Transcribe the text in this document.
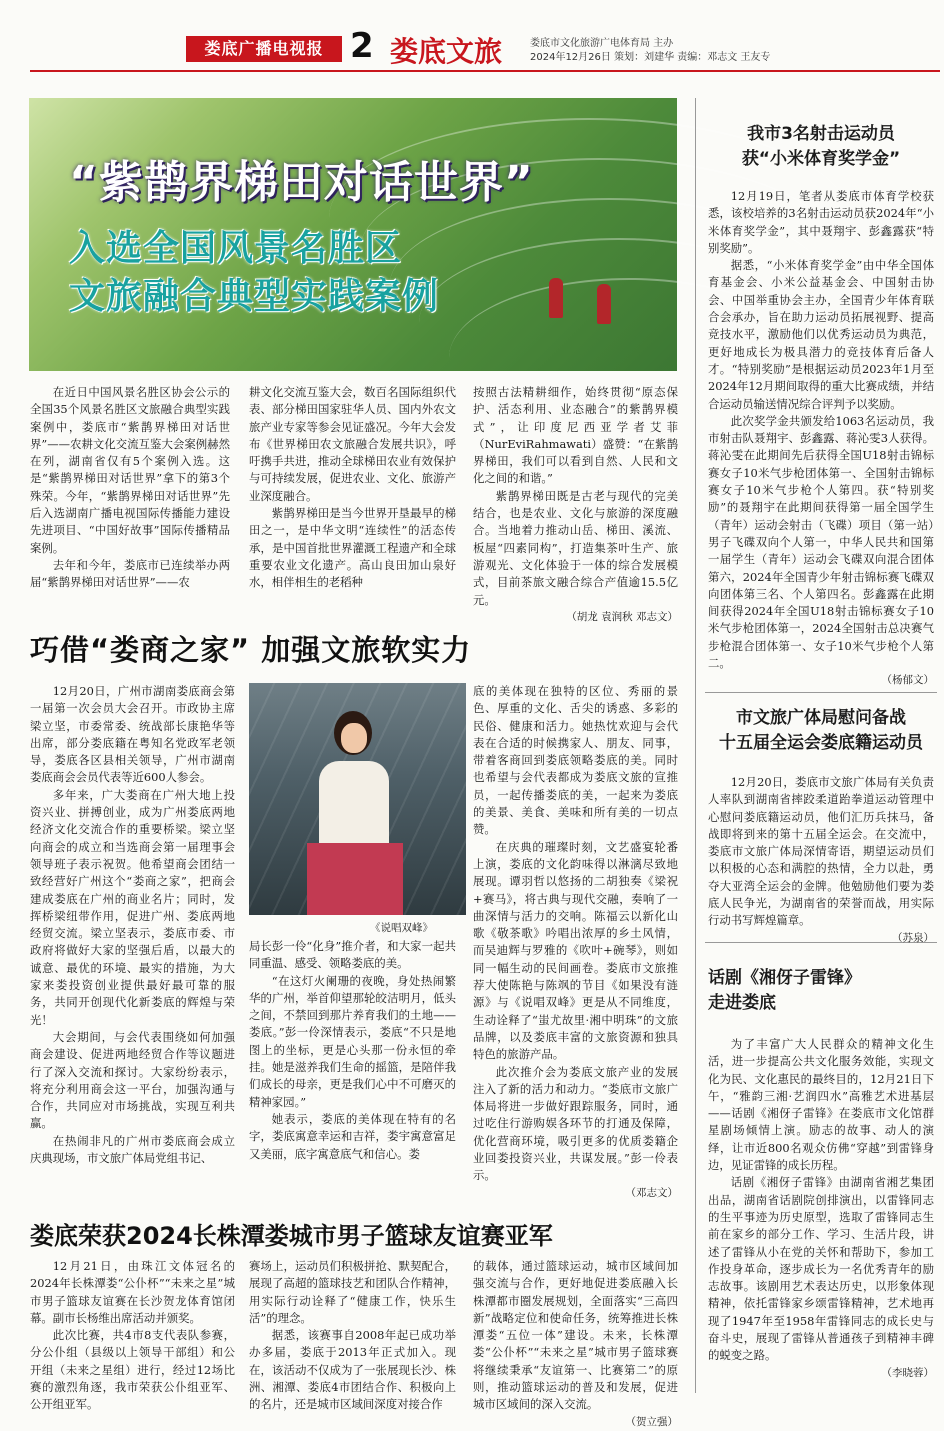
娄底广播电视报 2 娄底文旅	娄底市文化旅游广电体育局 主办
2024年12月26日 策划：刘建华 责编：邓志文 王友专
“紫鹊界梯田对话世界”
入选全国风景名胜区
文旅融合典型实践案例

在近日中国风景名胜区协会公示的全国35个风景名胜区文旅融合典型实践案例中，娄底市“紫鹊界梯田对话世界”——农耕文化交流互鉴大会案例赫然在列，湖南省仅有5个案例入选。这是“紫鹊界梯田对话世界”拿下的第3个殊荣。今年，“紫鹊界梯田对话世界”先后入选湖南广播电视国际传播能力建设先进项目、“中国好故事”国际传播精品案例。

去年和今年，娄底市已连续举办两届“紫鹊界梯田对话世界”——农

耕文化交流互鉴大会，数百名国际组织代表、部分梯田国家驻华人员、国内外农文旅产业专家等参会见证盛况。今年大会发布《世界梯田农文旅融合发展共识》，呼吁携手共进，推动全球梯田农业有效保护与可持续发展，促进农业、文化、旅游产业深度融合。

紫鹊界梯田是当今世界开垦最早的梯田之一，是中华文明“连续性”的活态传承，是中国首批世界灌溉工程遗产和全球重要农业文化遗产。高山良田加山泉好水，相伴相生的老稻种

按照古法精耕细作，始终贯彻“原态保护、活态利用、业态融合”的紫鹊界模式”，让印度尼西亚学者艾菲（NurEviRahmawati）盛赞：“在紫鹊界梯田，我们可以看到自然、人民和文化之间的和谐。”

紫鹊界梯田既是古老与现代的完美结合，也是农业、文化与旅游的深度融合。当地着力推动山岳、梯田、溪流、板屋“四素同构”，打造集茶叶生产、旅游观光、文化体验于一体的综合发展模式，目前茶旅文融合综合产值逾15.5亿元。

（胡龙 袁润秋 邓志文）
巧借“娄商之家” 加强文旅软实力

12月20日，广州市湖南娄底商会第一届第一次会员大会召开。市政协主席梁立坚，市委常委、统战部长康艳华等出席，部分娄底籍在粤知名党政军老领导，娄底各区县相关领导，广州市湖南娄底商会会员代表等近600人参会。

多年来，广大娄商在广州大地上投资兴业、拼搏创业，成为广州娄底两地经济文化交流合作的重要桥梁。梁立坚向商会的成立和当选商会第一届理事会领导班子表示祝贺。他希望商会团结一致经营好广州这个“娄商之家”，把商会建成娄底在广州的商业名片；同时，发挥桥梁纽带作用，促进广州、娄底两地经贸交流。梁立坚表示，娄底市委、市政府将做好大家的坚强后盾，以最大的诚意、最优的环境、最实的措施，为大家来娄投资创业提供最好最可靠的服务，共同开创现代化新娄底的辉煌与荣光！

大会期间，与会代表围绕如何加强商会建设、促进两地经贸合作等议题进行了深入交流和探讨。大家纷纷表示，将充分利用商会这一平台，加强沟通与合作，共同应对市场挑战，实现互利共赢。

在热闹非凡的广州市娄底商会成立庆典现场，市文旅广体局党组书记、

《说唱双峰》

局长彭一伶“化身”推介者，和大家一起共同重温、感受、领略娄底的美。

“在这灯火阑珊的夜晚，身处热闹繁华的广州，举首仰望那轮皎洁明月，低头之间，不禁回到那片养育我们的土地——娄底。”彭一伶深情表示，娄底“不只是地图上的坐标，更是心头那一份永恒的牵挂。她是滋养我们生命的摇篮，是陪伴我们成长的母亲，更是我们心中不可磨灭的精神家园。”

她表示，娄底的美体现在特有的名字，娄底寓意幸运和吉祥，娄宇寓意富足又美丽，底字寓意底气和信心。娄

底的美体现在独特的区位、秀丽的景色、厚重的文化、舌尖的诱惑、多彩的民俗、健康和活力。她热忱欢迎与会代表在合适的时候携家人、朋友、同事，带着客商回到娄底领略娄底的美。同时也希望与会代表都成为娄底文旅的宣推员，一起传播娄底的美，一起来为娄底的美景、美食、美味和所有美的一切点赞。

在庆典的璀璨时刻，文艺盛宴轮番上演，娄底的文化韵味得以淋漓尽致地展现。谭羽哲以悠扬的二胡独奏《梁祝+赛马》，将古典与现代交融，奏响了一曲深情与活力的交响。陈福云以新化山歌《敬茶歌》吟唱出浓厚的乡土风情，而吴迪辉与罗雅的《吹叶+碗琴》，则如同一幅生动的民间画卷。娄底市文旅推荐大使陈艳与陈飒的节目《如果没有涟源》与《说唱双峰》更是从不同维度，生动诠释了“蚩尤故里·湘中明珠”的文旅品牌，以及娄底丰富的文旅资源和独具特色的旅游产品。

此次推介会为娄底文旅产业的发展注入了新的活力和动力。“娄底市文旅广体局将进一步做好跟踪服务，同时，通过吃住行游购娱各环节的打通及保障，优化营商环境，吸引更多的优质娄籍企业回娄投资兴业，共谋发展。”彭一伶表示。

（邓志文）
娄底荣获2024长株潭娄城市男子篮球友谊赛亚军

12月21日，由珠江文体冠名的2024年长株潭娄“公仆杯”“未来之星”城市男子篮球友谊赛在长沙贺龙体育馆闭幕。副市长杨维出席活动并颁奖。

此次比赛，共4市8支代表队参赛，分公仆组（县级以上领导干部组）和公开组（未来之星组）进行，经过12场比赛的激烈角逐，我市荣获公仆组亚军、公开组亚军。

赛场上，运动员们积极拼抢、默契配合，展现了高超的篮球技艺和团队合作精神，用实际行动诠释了“健康工作，快乐生活”的理念。

据悉，该赛事自2008年起已成功举办多届，娄底于2013年正式加入。现在，该活动不仅成为了一张展现长沙、株洲、湘潭、娄底4市团结合作、积极向上的名片，还是城市区域间深度对接合作

的载体，通过篮球运动，城市区域间加强交流与合作，更好地促进娄底融入长株潭都市圈发展规划，全面落实“三高四新”战略定位和使命任务，统筹推进长株潭娄“五位一体”建设。未来，长株潭娄“公仆杯”“未来之星”城市男子篮球赛将继续秉承“友谊第一、比赛第二”的原则，推动篮球运动的普及和发展，促进城市区域间的深入交流。

（贺立强）
我市3名射击运动员
获“小米体育奖学金”

12月19日，笔者从娄底市体育学校获悉，该校培养的3名射击运动员获2024年“小米体育奖学金”，其中聂翔宇、彭鑫露获“特别奖励”。

据悉，“小米体育奖学金”由中华全国体育基金会、小米公益基金会、中国射击协会、中国举重协会主办，全国青少年体育联合会承办，旨在助力运动员拓展视野、提高竞技水平，激励他们以优秀运动员为典范，更好地成长为极具潜力的竞技体育后备人才。“特别奖励”是根据运动员2023年1月至2024年12月期间取得的重大比赛成绩，并结合运动员输送情况综合评判予以奖励。

此次奖学金共颁发给1063名运动员，我市射击队聂翔宇、彭鑫露、蒋沁雯3人获得。蒋沁雯在此期间先后获得全国U18射击锦标赛女子10米气步枪团体第一、全国射击锦标赛女子10米气步枪个人第四。获“特别奖励”的聂翔宇在此期间获得第一届全国学生（青年）运动会射击（飞碟）项目（第一站）男子飞碟双向个人第一，中华人民共和国第一届学生（青年）运动会飞碟双向混合团体第六，2024年全国青少年射击锦标赛飞碟双向团体第三名、个人第四名。彭鑫露在此期间获得2024年全国U18射击锦标赛女子10米气步枪团体第一，2024全国射击总决赛气步枪混合团体第一、女子10米气步枪个人第二。

（杨郁文）
市文旅广体局慰问备战
十五届全运会娄底籍运动员

12月20日，娄底市文旅广体局有关负责人率队到湖南省摔跤柔道跆拳道运动管理中心慰问娄底籍运动员，他们汇历兵抹马，备战即将到来的第十五届全运会。在交流中，娄底市文旅广体局深情寄语，期望运动员们以积极的心态和满腔的热情，全力以赴，勇夺大亚湾全运会的金牌。他勉励他们要为娄底人民争光，为湖南省的荣誉而战，用实际行动书写辉煌篇章。

（苏泉）
话剧《湘伢子雷锋》
走进娄底

为了丰富广大人民群众的精神文化生活，进一步提高公共文化服务效能，实现文化为民、文化惠民的最终目的，12月21日下午，“雅韵三湘·艺润四水”高雅艺术进基层——话剧《湘伢子雷锋》在娄底市文化馆群星剧场倾情上演。励志的故事、动人的演绎，让市近800名观众仿佛“穿越”到雷锋身边，见证雷锋的成长历程。

话剧《湘伢子雷锋》由湖南省湘艺集团出品，湖南省话剧院创排演出，以雷锋同志的生平事迹为历史原型，选取了雷锋同志生前在家乡的部分工作、学习、生活片段，讲述了雷锋从小在党的关怀和帮助下，参加工作投身革命，逐步成长为一名优秀青年的励志故事。该剧用艺术表达历史，以形象体现精神，依托雷锋家乡颂雷锋精神，艺术地再现了1947年至1958年雷锋同志的成长史与奋斗史，展现了雷锋从普通孩子到精神丰碑的蜕变之路。

（李晓蓉）
